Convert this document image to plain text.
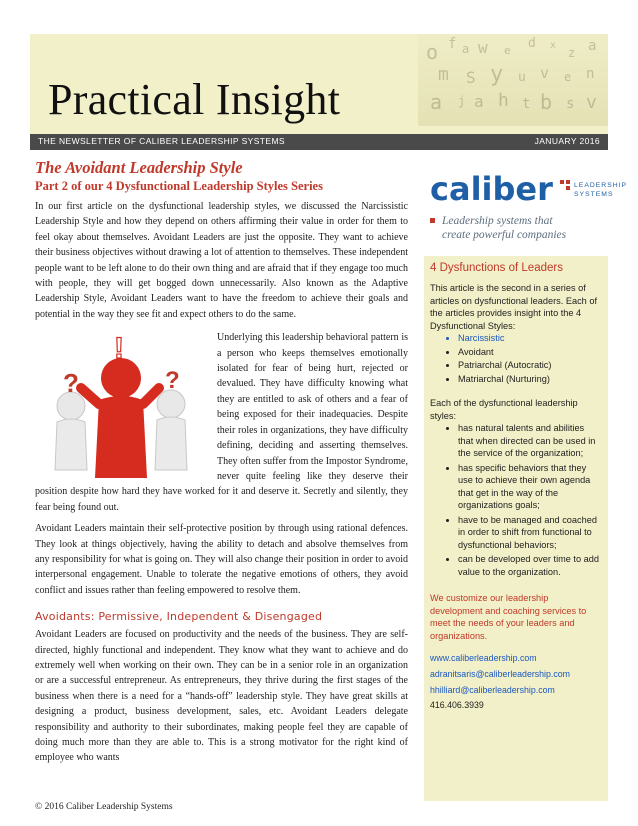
o f a w e d x
z a
m S y u v e n
a j a h t b s v
Practical Insight
THE NEWSLETTER OF CALIBER LEADERSHIP SYSTEMS	JANUARY 2016
The Avoidant Leadership Style
Part 2 of our 4 Dysfunctional Leadership Styles Series

In our first article on the dysfunctional leadership styles, we discussed the Narcissistic Leadership Style and how they depend on others affirming their value in order for them to feel okay about themselves. Avoidant Leaders are just the opposite. They want to achieve their business objectives without drawing a lot of attention to themselves. These independent people want to be left alone to do their own thing and are afraid that if they engage too much with people, they will get bogged down unnecessarily. Also known as the Adaptive Leadership Style, Avoidant Leaders want to have the freedom to achieve their goals and potential in the way they see fit and expect others to do the same.

?	?
!	Underlying this leadership behavioral pattern is a person who keeps themselves emotionally isolated for fear of being hurt, rejected or devalued. They have difficulty knowing what they are entitled to ask of others and a fear of being exposed for their inadequacies. Despite their roles in organizations, they have difficulty defining, deciding and asserting themselves. They often suffer from the Impostor Syndrome, never quite feeling like they deserve their position despite how hard they have worked for it and deserve it. Secretly and silently, they fear being found out.

Avoidant Leaders maintain their self-protective position by through using rational defences. They look at things objectively, having the ability to detach and absolve themselves from any responsibility for what is going on. They will also change their position in order to avoid interpersonal engagement. Unable to tolerate the negative emotions of others, they avoid conflict and issues rather than feeling empowered to resolve them.

Avoidants: Permissive, Independent & Disengaged

Avoidant Leaders are focused on productivity and the needs of the business. They are self-directed, highly functional and independent. They know what they want to achieve and do extremely well when working on their own. They can be in a senior role in an organization or are a successful entrepreneur. As entrepreneurs, they thrive during the first stages of the business when there is a need for a “hands-off” leadership style. They have great skills at designing a product, business development, sales, etc. Avoidant Leaders delegate responsibility and authority to their subordinates, making people feel they are capable of doing much more than they are able to. This is a strong motivator for the right kind of employee who wants

caliber	LEADERSHIP
SYSTEMS
Leadership systems that
create powerful companies
4 Dysfunctions of Leaders

This article is the second in a series of articles on dysfunctional leaders. Each of the articles provides insight into the 4 Dysfunctional Styles:

• Narcissistic
• Avoidant
• Patriarchal (Autocratic)
• Matriarchal (Nurturing)

Each of the dysfunctional leadership styles:

• has natural talents and abilities that when directed can be used in the service of the organization;
• has specific behaviors that they use to achieve their own agenda that get in the way of the organizations goals;
• have to be managed and coached in order to shift from functional to dysfunctional behaviors;
• can be developed over time to add value to the organization.

We customize our leadership development and coaching services to meet the needs of your leaders and organizations.

www.caliberleadership.com
adranitsaris@caliberleadership.com
hhilliard@caliberleadership.com
416.406.3939
© 2016 Caliber Leadership Systems
